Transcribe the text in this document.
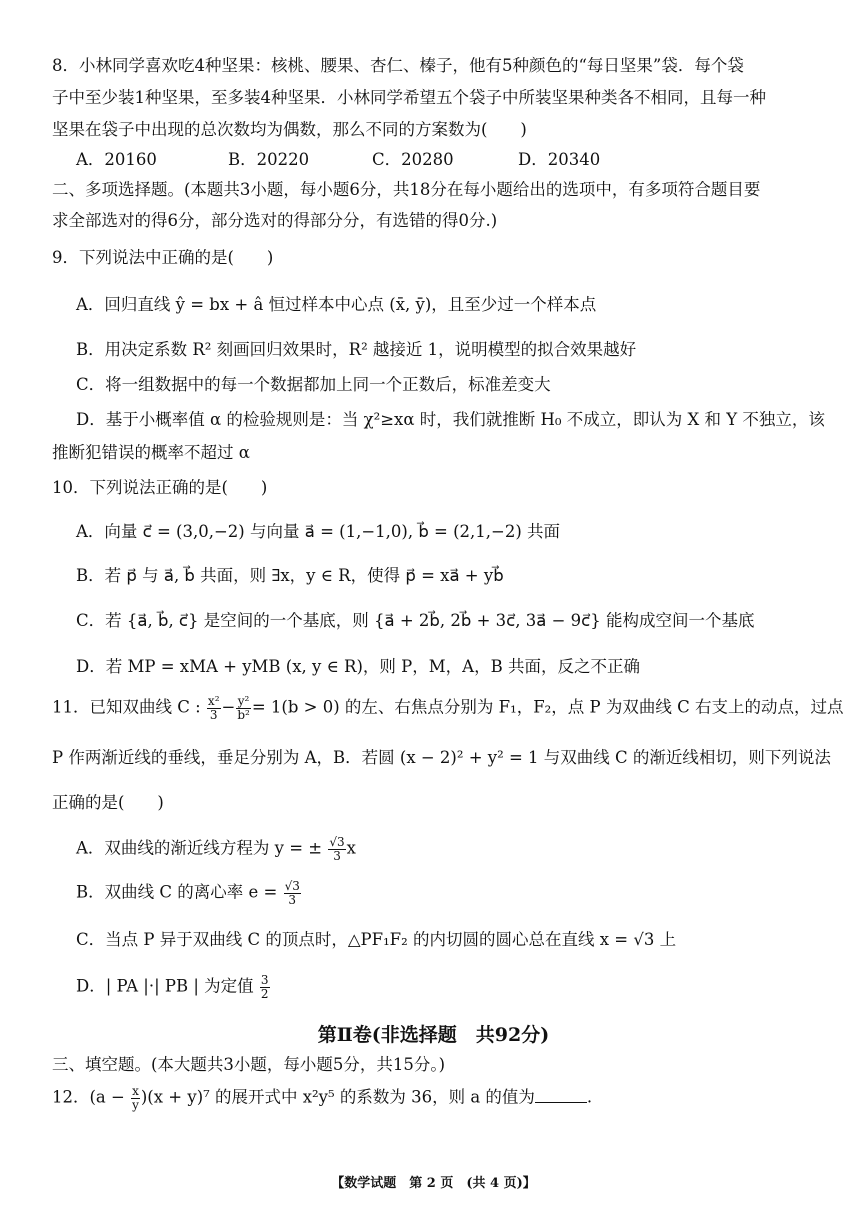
8．小林同学喜欢吃4种坚果：核桃、腰果、杏仁、榛子，他有5种颜色的“每日坚果”袋．每个袋
子中至少装1种坚果，至多装4种坚果．小林同学希望五个袋子中所装坚果种类各不相同，且每一种
坚果在袋子中出现的总次数均为偶数，那么不同的方案数为(　　)
A．20160	B．20220	C．20280	D．20340
二、多项选择题。(本题共3小题，每小题6分，共18分在每小题给出的选项中，有多项符合题目要
求全部选对的得6分，部分选对的得部分分，有选错的得0分.)
9．下列说法中正确的是(　　)
A．回归直线 ŷ = bx + â 恒过样本中心点 (x̄, ȳ)，且至少过一个样本点
B．用决定系数 R² 刻画回归效果时，R² 越接近 1，说明模型的拟合效果越好
C．将一组数据中的每一个数据都加上同一个正数后，标准差变大
D．基于小概率值 α 的检验规则是：当 χ²≥xα 时，我们就推断 H₀ 不成立，即认为 X 和 Y 不独立，该
推断犯错误的概率不超过 α
10．下列说法正确的是(　　)
A．向量 c⃗ = (3,0,−2) 与向量 a⃗ = (1,−1,0), b⃗ = (2,1,−2) 共面
B．若 p⃗ 与 a⃗, b⃗ 共面，则 ∃x，y ∈ R，使得 p⃗ = xa⃗ + yb⃗
C．若 {a⃗, b⃗, c⃗} 是空间的一个基底，则 {a⃗ + 2b⃗, 2b⃗ + 3c⃗, 3a⃗ − 9c⃗} 能构成空间一个基底
D．若 MP = xMA + yMB (x, y ∈ R)，则 P，M，A，B 共面，反之不正确
11．已知双曲线 C : $\frac{\text{x²}}{3} - \frac{\text{y²}}{\text{b²}} = 1(b > 0)$ 的左、右焦点分别为 F₁，F₂，点 P 为双曲线 C 右支上的动点，过点
P 作两渐近线的垂线，垂足分别为 A，B．若圆 (x − 2)² + y² = 1 与双曲线 C 的渐近线相切，则下列说法
正确的是(　　)
A．双曲线的渐近线方程为 y = ± $\frac{√3}{3}$ x
B．双曲线 C 的离心率 $e = \frac{√3}{3}$
C．当点 P 异于双曲线 C 的顶点时，△PF₁F₂ 的内切圆的圆心总在直线 x = √3 上
D．| PA |·| PB | 为定值 $\frac{3}{2}$
第Ⅱ卷(非选择题　共92分)
三、填空题。(本大题共3小题，每小题5分，共15分。)
12．$(a - \frac{x}{y} )(x + y)^7$ 的展开式中 x²y⁵ 的系数为 36，则 a 的值为	.
【数学试题　第 2 页　(共 4 页)】
